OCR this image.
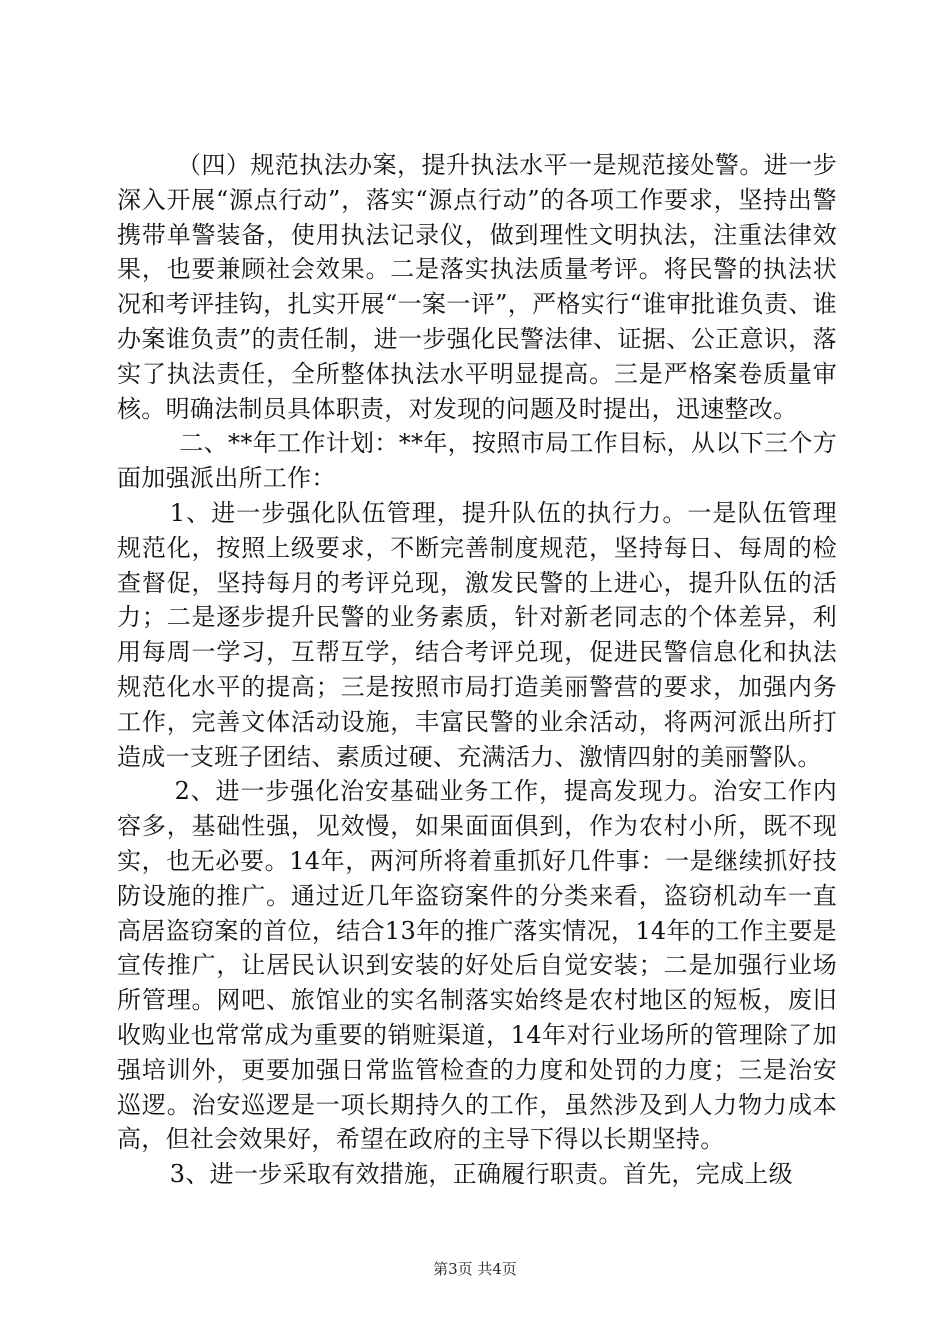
（四）规范执法办案，提升执法水平一是规范接处警。进一步深入开展“源点行动”，落实“源点行动”的各项工作要求，坚持出警携带单警装备，使用执法记录仪，做到理性文明执法，注重法律效果，也要兼顾社会效果。二是落实执法质量考评。将民警的执法状况和考评挂钩，扎实开展“一案一评”，严格实行“谁审批谁负责、谁办案谁负责”的责任制，进一步强化民警法律、证据、公正意识，落实了执法责任，全所整体执法水平明显提高。三是严格案卷质量审核。明确法制员具体职责，对发现的问题及时提出，迅速整改。

二、**年工作计划：**年，按照市局工作目标，从以下三个方面加强派出所工作：

1、进一步强化队伍管理，提升队伍的执行力。一是队伍管理规范化，按照上级要求，不断完善制度规范，坚持每日、每周的检查督促，坚持每月的考评兑现，激发民警的上进心，提升队伍的活力；二是逐步提升民警的业务素质，针对新老同志的个体差异，利用每周一学习，互帮互学，结合考评兑现，促进民警信息化和执法规范化水平的提高；三是按照市局打造美丽警营的要求，加强内务工作，完善文体活动设施，丰富民警的业余活动，将两河派出所打造成一支班子团结、素质过硬、充满活力、激情四射的美丽警队。

2、进一步强化治安基础业务工作，提高发现力。治安工作内容多，基础性强，见效慢，如果面面俱到，作为农村小所，既不现实，也无必要。14年，两河所将着重抓好几件事：一是继续抓好技防设施的推广。通过近几年盗窃案件的分类来看，盗窃机动车一直高居盗窃案的首位，结合13年的推广落实情况，14年的工作主要是宣传推广，让居民认识到安装的好处后自觉安装；二是加强行业场所管理。网吧、旅馆业的实名制落实始终是农村地区的短板，废旧收购业也常常成为重要的销赃渠道，14年对行业场所的管理除了加强培训外，更要加强日常监管检查的力度和处罚的力度；三是治安巡逻。治安巡逻是一项长期持久的工作，虽然涉及到人力物力成本高，但社会效果好，希望在政府的主导下得以长期坚持。

3、进一步采取有效措施，正确履行职责。首先，完成上级

第3页 共4页
